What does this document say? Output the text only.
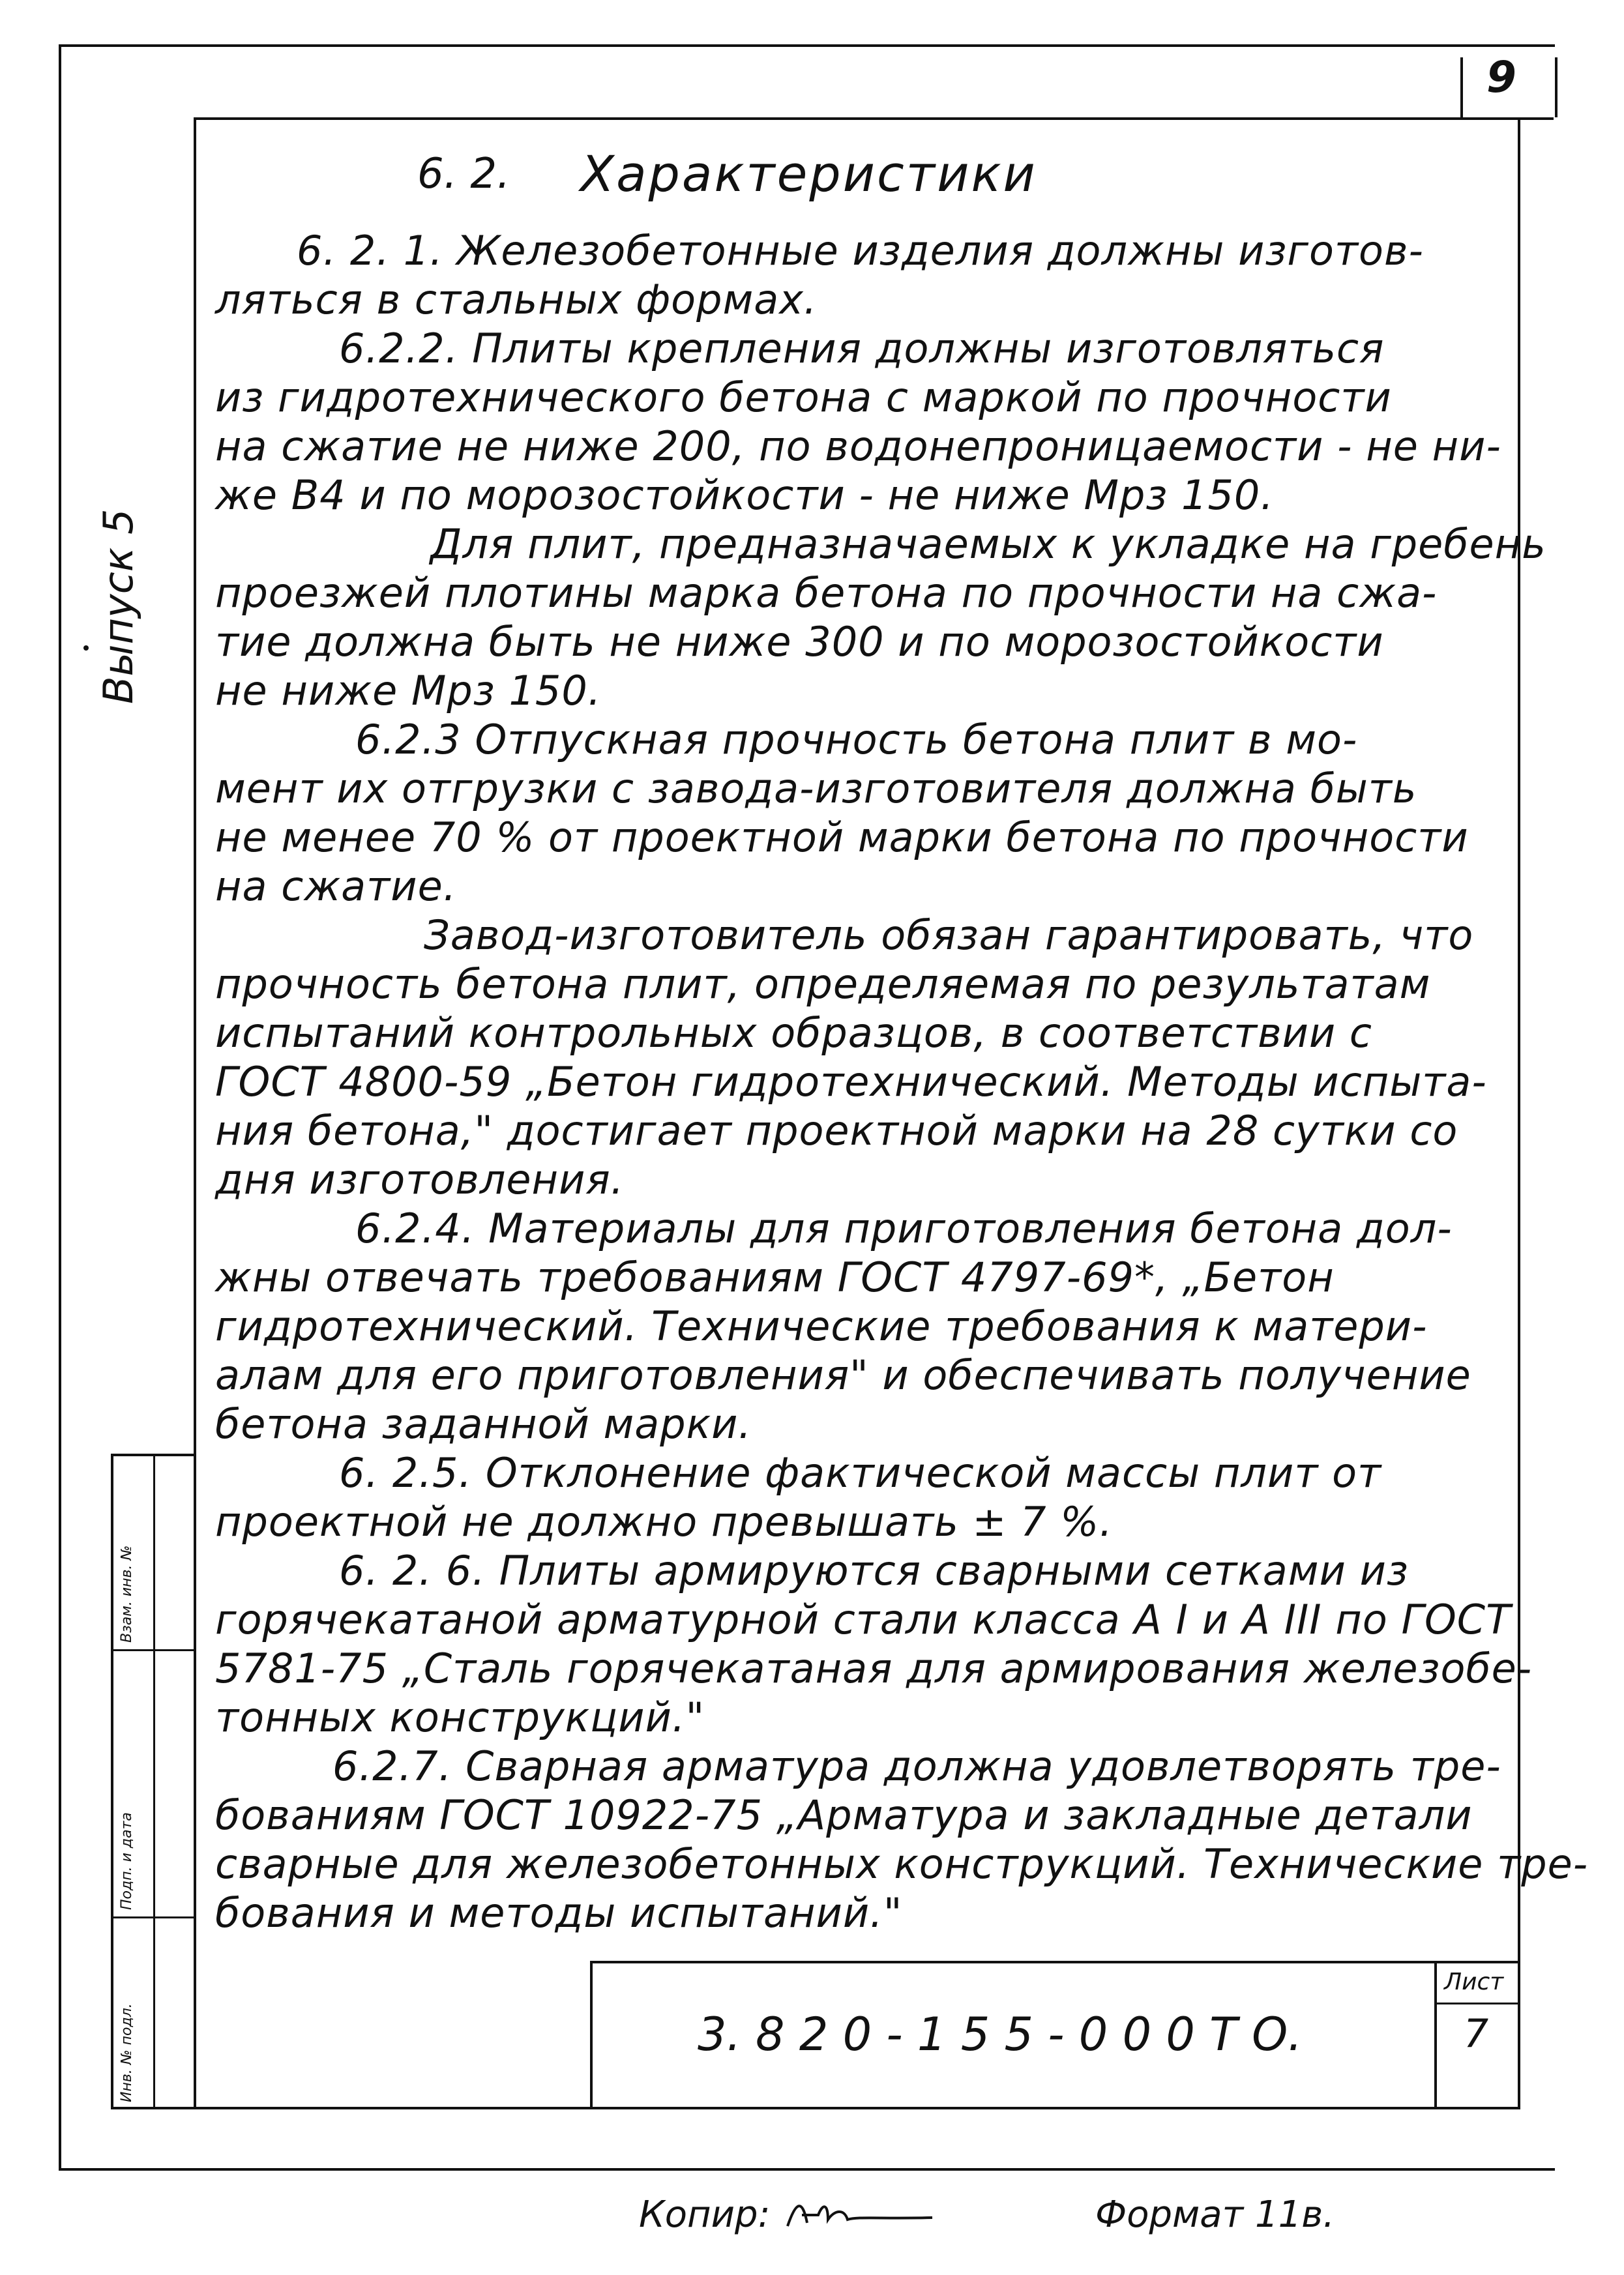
9
Выпуск 5
6. 2. Характеристики
6. 2. 1. Железобетонные изделия должны изготов-
ляться в стальных формах.
6.2.2. Плиты крепления должны изготовляться
из гидротехнического бетона с маркой по прочности
на сжатие не ниже 200, по водонепроницаемости - не ни-
же В4 и по морозостойкости - не ниже Мрз 150.
Для плит, предназначаемых к укладке на гребень
проезжей плотины марка бетона по прочности на сжа-
тие должна быть не ниже 300 и по морозостойкости
не ниже Мрз 150.
6.2.3 Отпускная прочность бетона плит в мо-
мент их отгрузки с завода-изготовителя должна быть
не менее 70 % от проектной марки бетона по прочности
на сжатие.
Завод-изготовитель обязан гарантировать, что
прочность бетона плит, определяемая по результатам
испытаний контрольных образцов, в соответствии с
ГОСТ 4800-59 „Бетон гидротехнический. Методы испыта-
ния бетона," достигает проектной марки на 28 сутки со
дня изготовления.
6.2.4. Материалы для приготовления бетона дол-
жны отвечать требованиям ГОСТ 4797-69*, „Бетон
гидротехнический. Технические требования к матери-
алам для его приготовления" и обеспечивать получение
бетона заданной марки.
6. 2.5. Отклонение фактической массы плит от
проектной не должно превышать ± 7 %.
6. 2. 6. Плиты армируются сварными сетками из
горячекатаной арматурной стали класса А I и А III по ГОСТ
5781-75 „Сталь горячекатаная для армирования железобе-
тонных конструкций."
6.2.7. Сварная арматура должна удовлетворять тре-
бованиям ГОСТ 10922-75 „Арматура и закладные детали
сварные для железобетонных конструкций. Технические тре-
бования и методы испытаний."
Инв. № подл.
Подп. и дата
Взам. инв. №
3. 8 2 0 - 1 5 5 - 0 0 0 Т О.
Лист
7
Копир:	Формат 11в.
